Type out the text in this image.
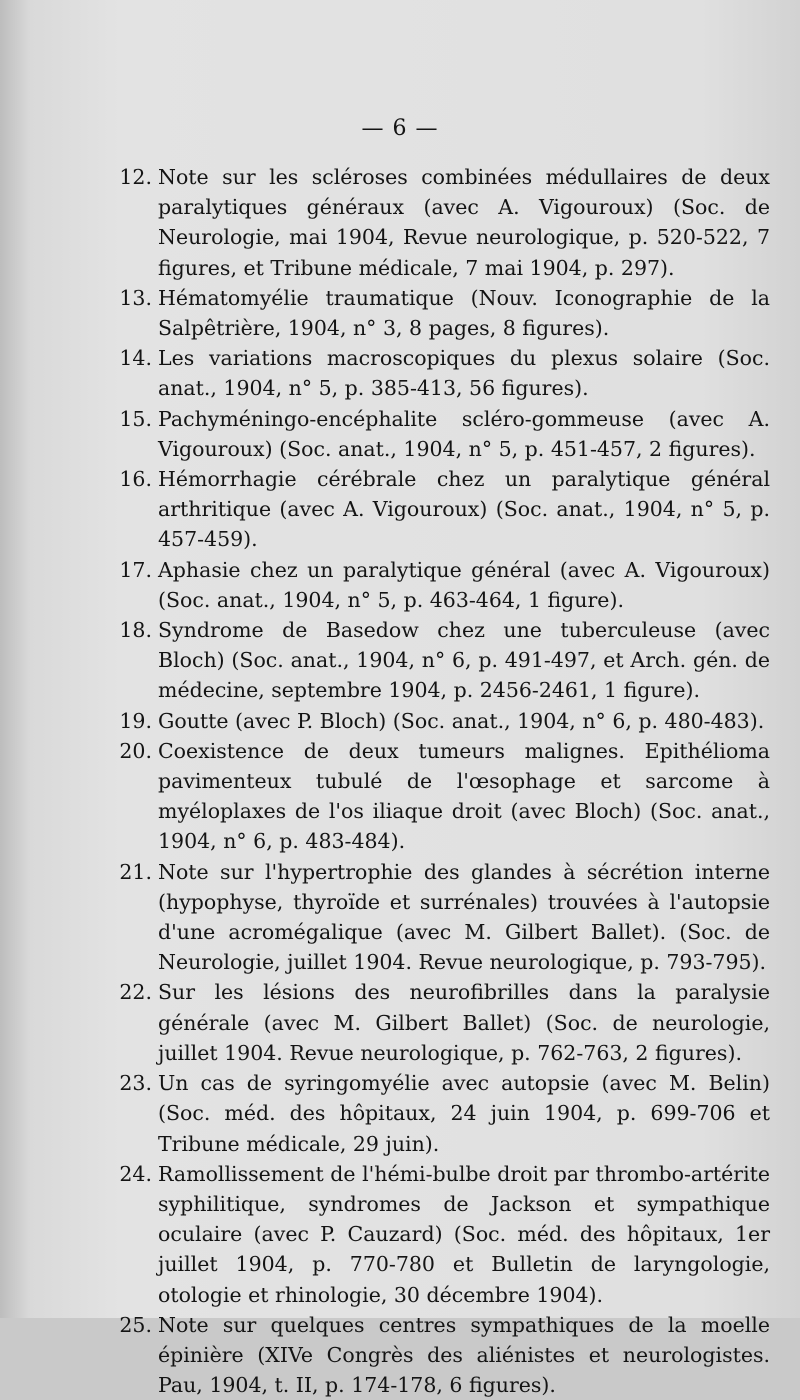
— 6 —

12 . Note sur les scléroses combinées médullaires de deux paralytiques généraux (avec A. Vigouroux) (Soc. de Neurologie, mai 1904, Revue neurologique, p. 520-522, 7 figures, et Tribune médicale, 7 mai 1904, p. 297).

13 . Hématomyélie traumatique (Nouv. Iconographie de la Salpêtrière, 1904, n° 3, 8 pages, 8 figures).

14 . Les variations macroscopiques du plexus solaire (Soc. anat., 1904, n° 5, p. 385-413, 56 figures).

15 . Pachyméningo-encéphalite scléro-gommeuse (avec A. Vigouroux) (Soc. anat., 1904, n° 5, p. 451-457, 2 figures).

16 . Hémorrhagie cérébrale chez un paralytique général arthritique (avec A. Vigouroux) (Soc. anat., 1904, n° 5, p. 457-459).

17 . Aphasie chez un paralytique général (avec A. Vigouroux) (Soc. anat., 1904, n° 5, p. 463-464, 1 figure).

18 . Syndrome de Basedow chez une tuberculeuse (avec Bloch) (Soc. anat., 1904, n° 6, p. 491-497, et Arch. gén. de médecine, septembre 1904, p. 2456-2461, 1 figure).

19 . Goutte (avec P. Bloch) (Soc. anat., 1904, n° 6, p. 480-483).

20 . Coexistence de deux tumeurs malignes. Epithélioma pavimenteux tubulé de l'œsophage et sarcome à myéloplaxes de l'os iliaque droit (avec Bloch) (Soc. anat., 1904, n° 6, p. 483-484).

21 . Note sur l'hypertrophie des glandes à sécrétion interne (hypophyse, thyroïde et surrénales) trouvées à l'autopsie d'une acromégalique (avec M. Gilbert Ballet). (Soc. de Neurologie, juillet 1904. Revue neurologique, p. 793-795).

22 . Sur les lésions des neurofibrilles dans la paralysie générale (avec M. Gilbert Ballet) (Soc. de neurologie, juillet 1904. Revue neurologique, p. 762-763, 2 figures).

23 . Un cas de syringomyélie avec autopsie (avec M. Belin) (Soc. méd. des hôpitaux, 24 juin 1904, p. 699-706 et Tribune médicale, 29 juin).

24 . Ramollissement de l'hémi-bulbe droit par thrombo-artérite syphilitique, syndromes de Jackson et sympathique oculaire (avec P. Cauzard) (Soc. méd. des hôpitaux, 1er juillet 1904, p. 770-780 et Bulletin de laryngologie, otologie et rhinologie, 30 décembre 1904).

25 . Note sur quelques centres sympathiques de la moelle épinière (XIVe Congrès des aliénistes et neurologistes. Pau, 1904, t. II, p. 174-178, 6 figures).
